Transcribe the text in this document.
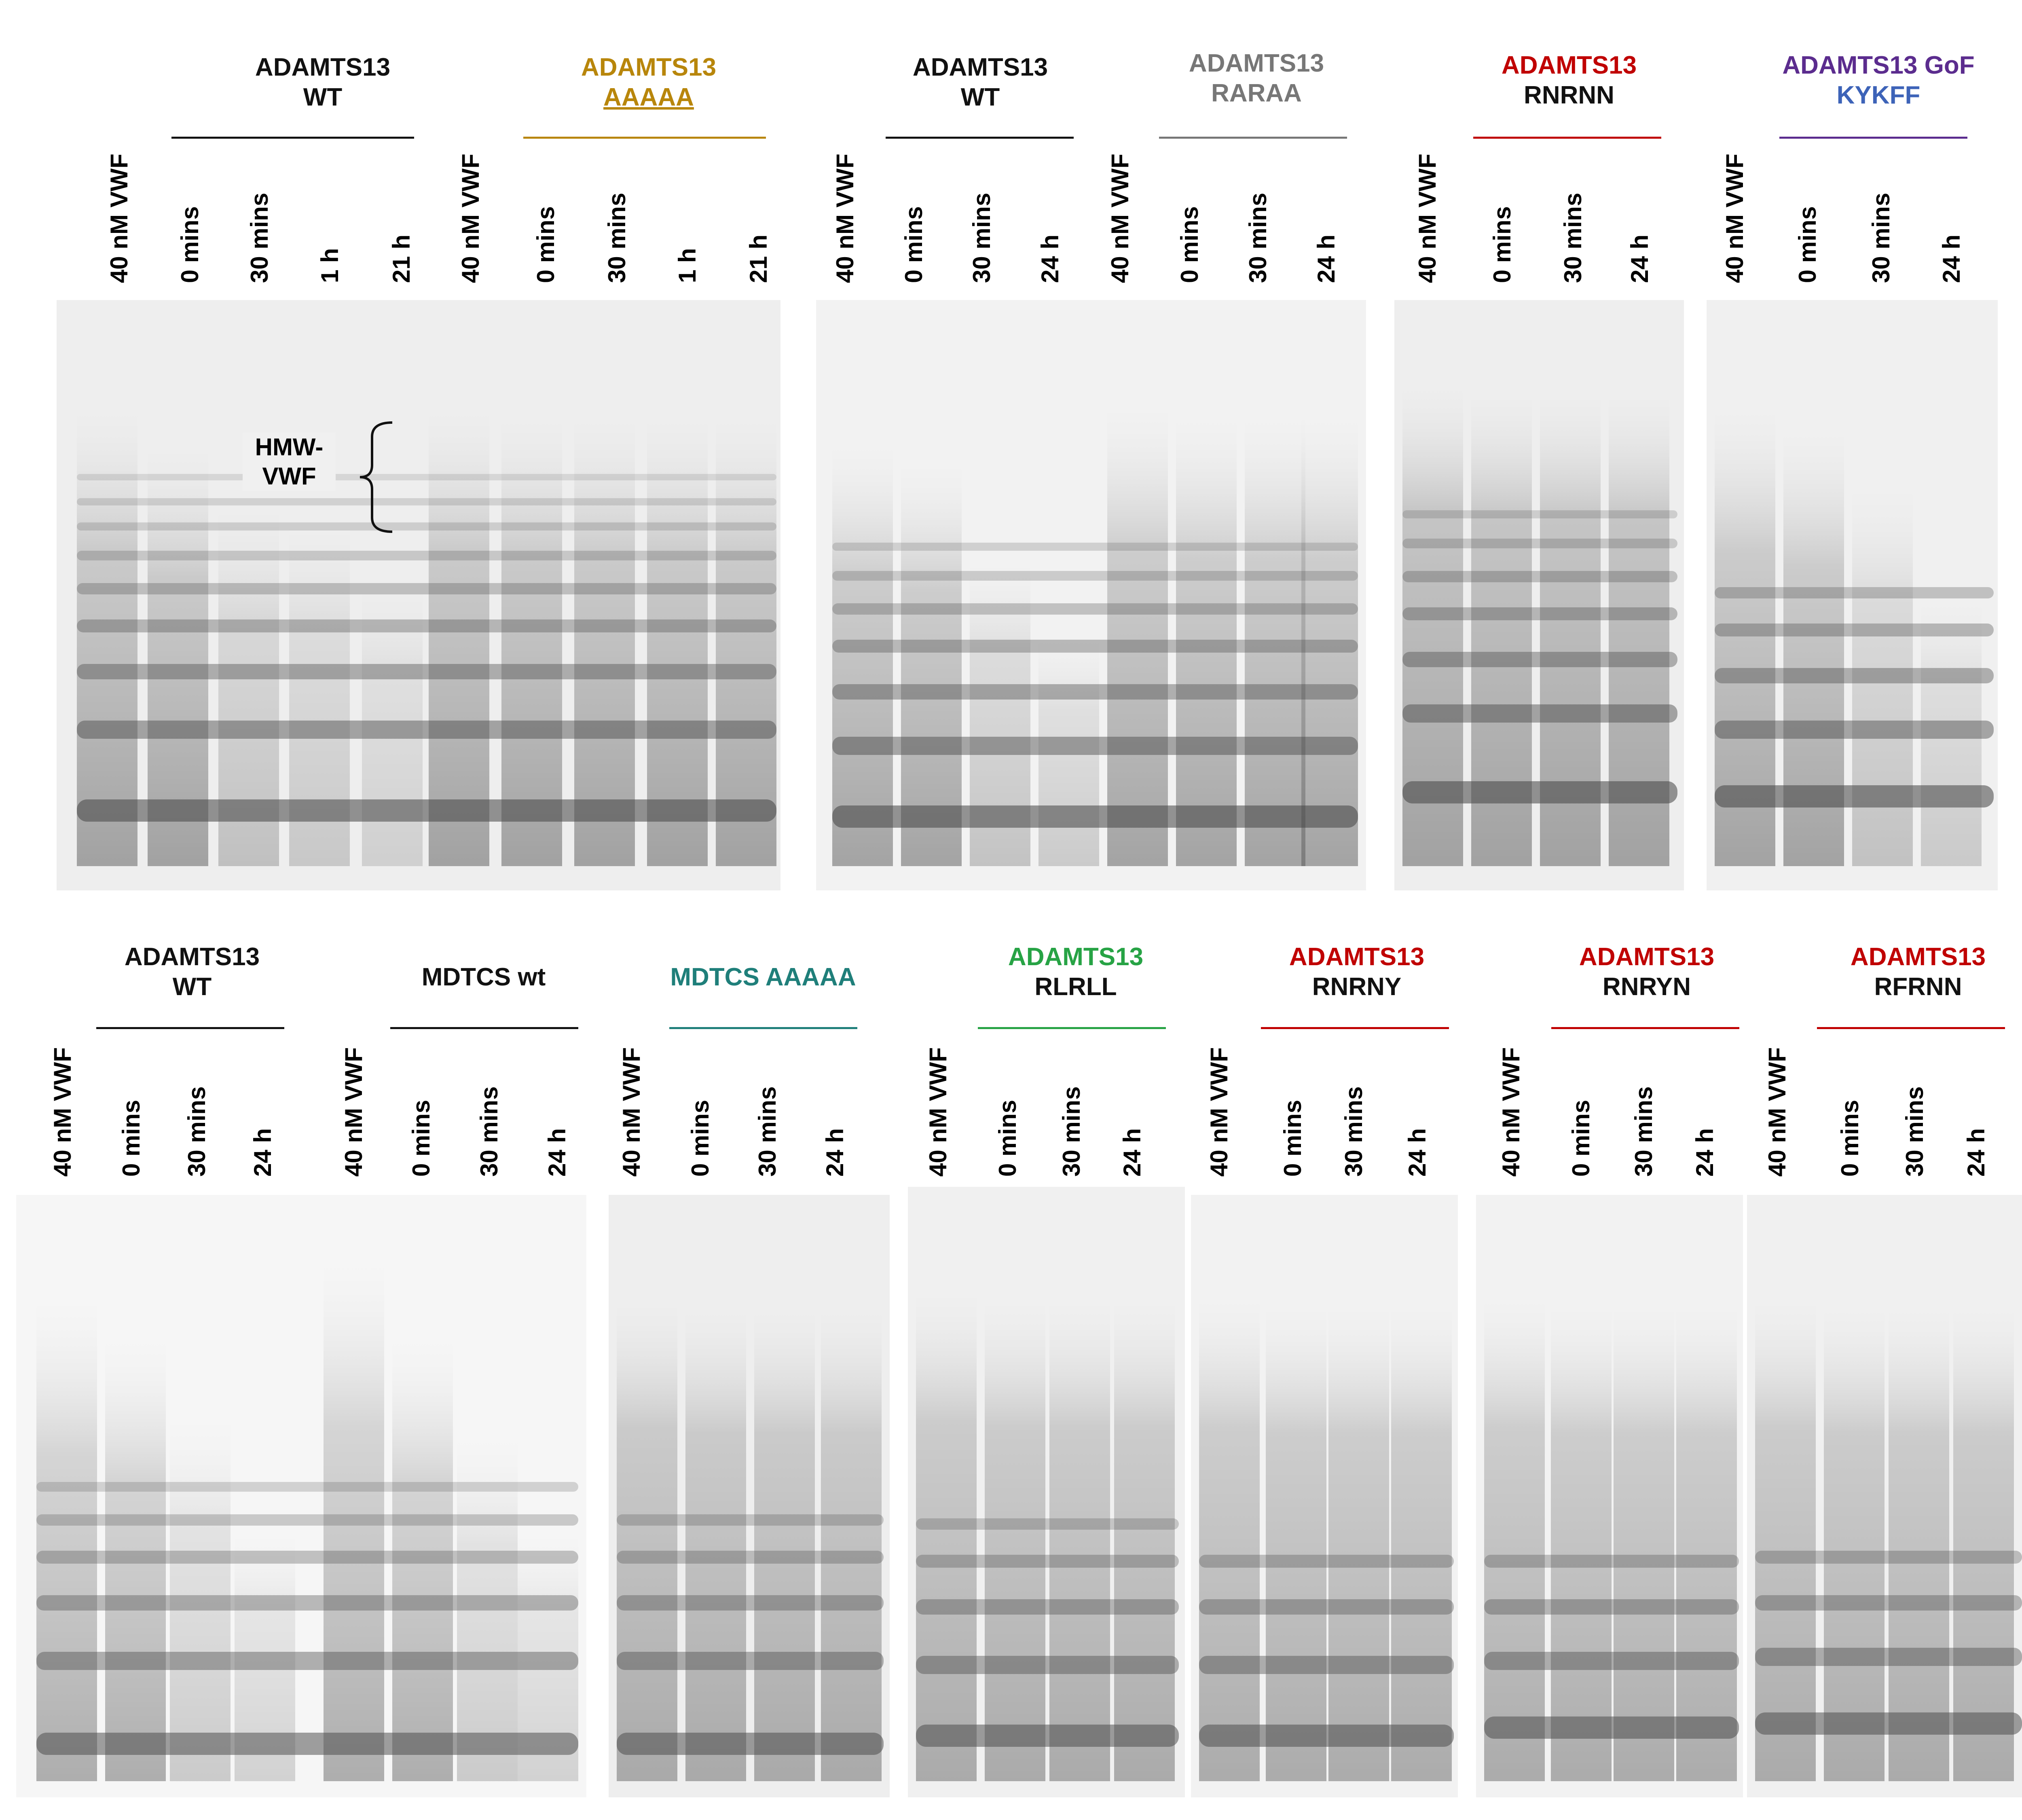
ADAMTS13
WT
ADAMTS13
AAAAA
ADAMTS13
WT
ADAMTS13
RARAA
ADAMTS13
RNRNN
ADAMTS13 GoF
KYKFF
40 nM VWF 0 mins 30 mins 1 h 21 h 40 nM VWF 0 mins 30 mins 1 h 21 h 40 nM VWF 0 mins 30 mins 24 h 40 nM VWF 0 mins 30 mins 24 h	40 nM VWF 0 mins 30 mins 24 h	40 nM VWF 0 mins 30 mins 24 h
HMW-
VWF
ADAMTS13
WT	MDTCS wt	MDTCS AAAAA
ADAMTS13
RLRLL
ADAMTS13
RNRNY
ADAMTS13
RNRYN
ADAMTS13
RFRNN
40 nM VWF 0 mins 30 mins 24 h	40 nM VWF 0 mins 30 mins 24 h 40 nM VWF 0 mins 30 mins 24 h	40 nM VWF 0 mins 30 mins 24 h 40 nM VWF 0 mins 30 mins 24 h	40 nM VWF 0 mins 30 mins 24 h 40 nM VWF 0 mins 30 mins 24 h
